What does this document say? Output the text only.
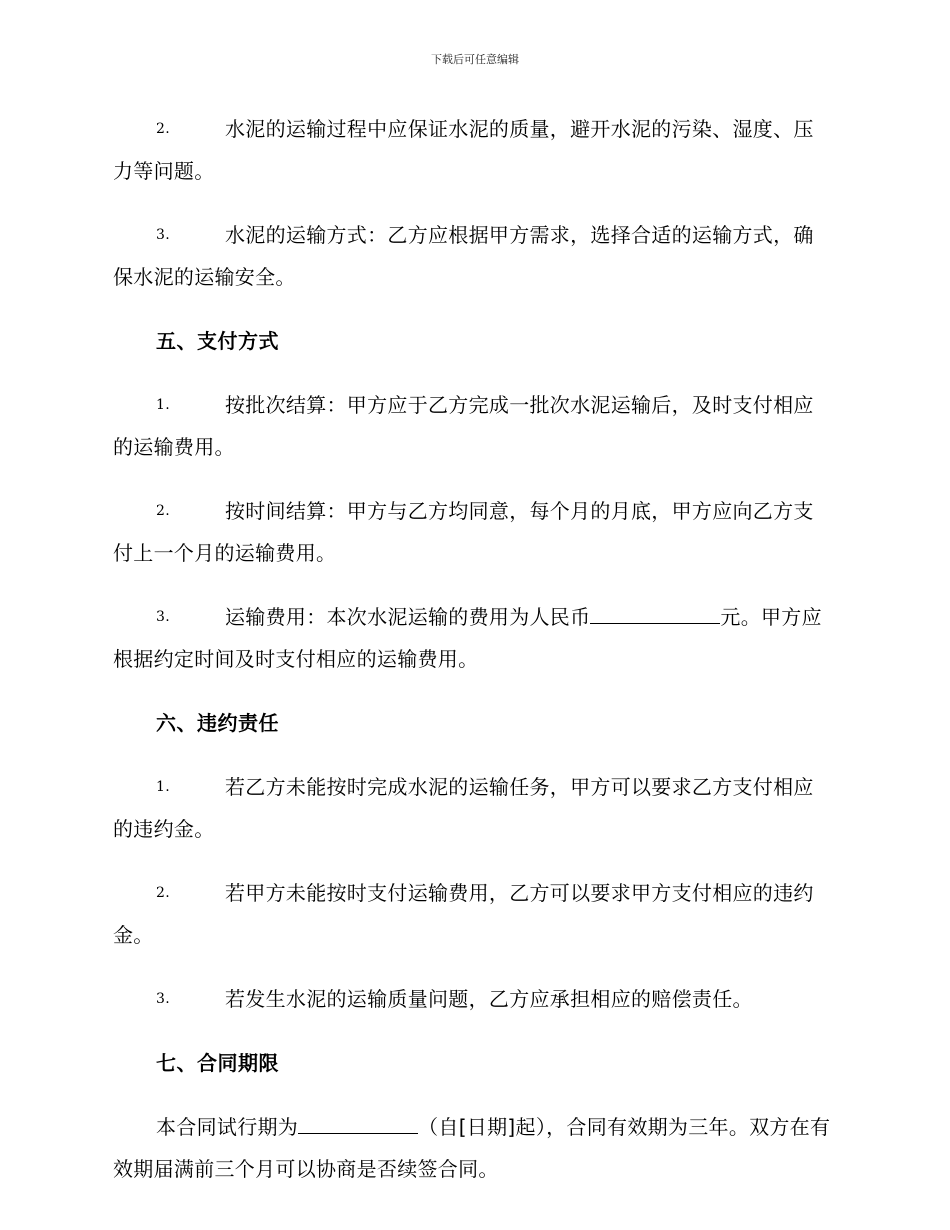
下载后可任意编辑

2.	水泥的运输过程中应保证水泥的质量，避开水泥的污染、湿度、压力等问题。

3.	水泥的运输方式：乙方应根据甲方需求，选择合适的运输方式，确保水泥的运输安全。

五、支付方式

1.	按批次结算：甲方应于乙方完成一批次水泥运输后，及时支付相应的运输费用。

2.	按时间结算：甲方与乙方均同意，每个月的月底，甲方应向乙方支付上一个月的运输费用。

3.	运输费用：本次水泥运输的费用为人民币	元。甲方应根据约定时间及时支付相应的运输费用。

六、违约责任

1.	若乙方未能按时完成水泥的运输任务，甲方可以要求乙方支付相应的违约金。

2.	若甲方未能按时支付运输费用，乙方可以要求甲方支付相应的违约金。

3.	若发生水泥的运输质量问题，乙方应承担相应的赔偿责任。

七、合同期限

本合同试行期为	（自[日期]起），合同有效期为三年。双方在有效期届满前三个月可以协商是否续签合同。
